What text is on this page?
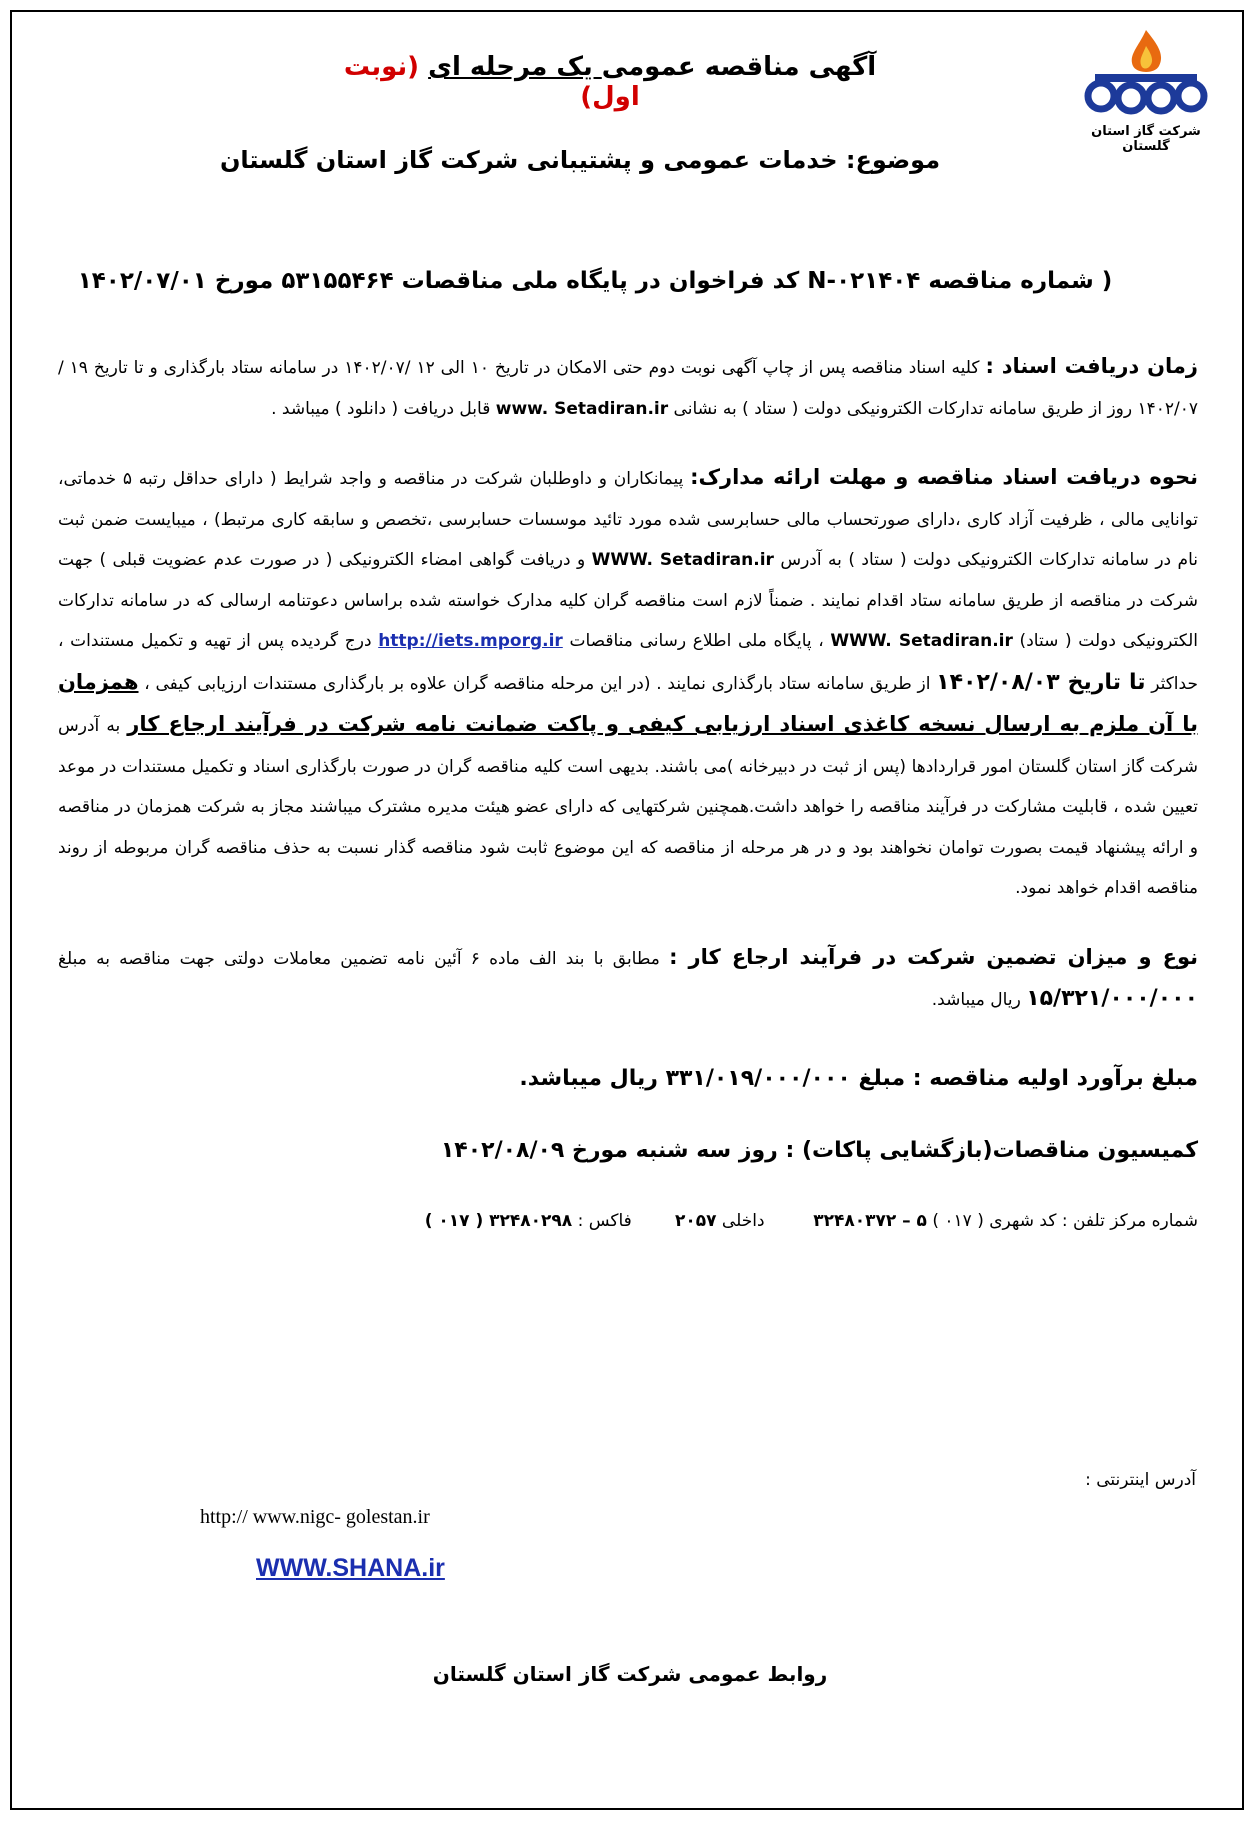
شرکت گاز استان گلستان
آگهی مناقصه عمومی یک مرحله ای (نوبت اول)
موضوع: خدمات عمومی و پشتیبانی شرکت گاز استان گلستان
( شماره مناقصه N-۰۲۱۴۰۴ کد فراخوان در پایگاه ملی مناقصات ۵۳۱۵۵۴۶۴ مورخ ۱۴۰۲/۰۷/۰۱

زمان دریافت اسناد : کلیه اسناد مناقصه پس از چاپ آگهی نوبت دوم حتی الامکان در تاریخ ۱۰ الی ۱۲ /۱۴۰۲/۰۷ در سامانه ستاد بارگذاری و تا تاریخ ۱۹ /۱۴۰۲/۰۷ روز از طریق سامانه تدارکات الکترونیکی دولت ( ستاد ) به نشانی www. Setadiran.ir قابل دریافت ( دانلود ) میباشد .

نحوه دریافت اسناد مناقصه و مهلت ارائه مدارک: پیمانکاران و داوطلبان شرکت در مناقصه و واجد شرایط ( دارای حداقل رتبه ۵ خدماتی، توانایی مالی ، ظرفیت آزاد کاری ،دارای صورتحساب مالی حسابرسی شده مورد تائید موسسات حسابرسی ،تخصص و سابقه کاری مرتبط) ، میبایست ضمن ثبت نام در سامانه تدارکات الکترونیکی دولت ( ستاد ) به آدرس WWW. Setadiran.ir و دریافت گواهی امضاء الکترونیکی ( در صورت عدم عضویت قبلی ) جهت شرکت در مناقصه از طریق سامانه ستاد اقدام نمایند . ضمناً لازم است مناقصه گران کلیه مدارک خواسته شده براساس دعوتنامه ارسالی که در سامانه تدارکات الکترونیکی دولت ( ستاد) WWW. Setadiran.ir ، پایگاه ملی اطلاع رسانی مناقصات http://iets.mporg.ir درج گردیده پس از تهیه و تکمیل مستندات ، حداکثر تا تاریخ ۱۴۰۲/۰۸/۰۳ از طریق سامانه ستاد بارگذاری نمایند . (در این مرحله مناقصه گران علاوه بر بارگذاری مستندات ارزیابی کیفی ، همزمان با آن ملزم به ارسال نسخه کاغذی اسناد ارزیابی کیفی و پاکت ضمانت نامه شرکت در فرآیند ارجاع کار به آدرس شرکت گاز استان گلستان امور قراردادها (پس از ثبت در دبیرخانه )می باشند. بدیهی است کلیه مناقصه گران در صورت بارگذاری اسناد و تکمیل مستندات در موعد تعیین شده ، قابلیت مشارکت در فرآیند مناقصه را خواهد داشت.همچنین شرکتهایی که دارای عضو هیئت مدیره مشترک میباشند مجاز به شرکت همزمان در مناقصه و ارائه پیشنهاد قیمت بصورت توامان نخواهند بود و در هر مرحله از مناقصه که این موضوع ثابت شود مناقصه گذار نسبت به حذف مناقصه گران مربوطه از روند مناقصه اقدام خواهد نمود.

نوع و میزان تضمین شرکت در فرآیند ارجاع کار : مطابق با بند الف ماده ۶ آئین نامه تضمین معاملات دولتی جهت مناقصه به مبلغ ۱۵/۳۲۱/۰۰۰/۰۰۰ ریال میباشد.

مبلغ برآورد اولیه مناقصه : مبلغ ۳۳۱/۰۱۹/۰۰۰/۰۰۰ ریال میباشد.

کمیسیون مناقصات(بازگشایی پاکات) : روز سه شنبه مورخ ۱۴۰۲/۰۸/۰۹

شماره مرکز تلفن : کد شهری ( ۰۱۷ ) ۵ – ۳۲۴۸۰۳۷۲         داخلی ۲۰۵۷        فاکس : ۳۲۴۸۰۲۹۸ ( ۰۱۷ )

آدرس اینترنتی :
http:// www.nigc- golestan.ir
WWW.SHANA.ir
روابط عمومی شرکت گاز استان گلستان
